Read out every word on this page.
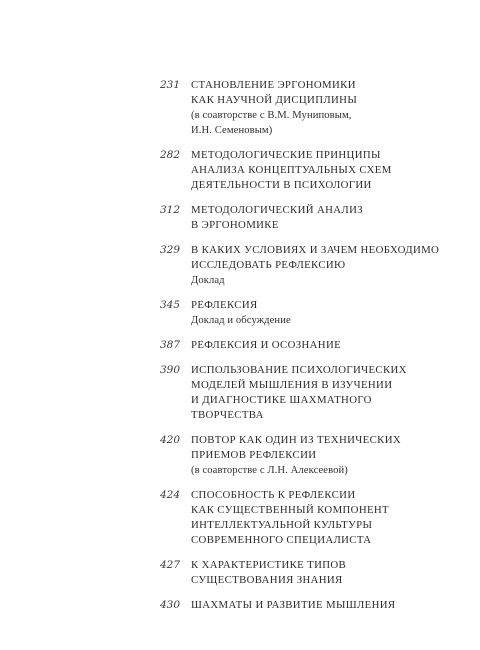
231	СТАНОВЛЕНИЕ ЭРГОНОМИКИ
КАК НАУЧНОЙ ДИСЦИПЛИНЫ
(в соавторстве с В.М. Муниповым,
И.Н. Семеновым)
282	МЕТОДОЛОГИЧЕСКИЕ ПРИНЦИПЫ
АНАЛИЗА КОНЦЕПТУАЛЬНЫХ СХЕМ
ДЕЯТЕЛЬНОСТИ В ПСИХОЛОГИИ
312	МЕТОДОЛОГИЧЕСКИЙ АНАЛИЗ
В ЭРГОНОМИКЕ
329	В КАКИХ УСЛОВИЯХ И ЗАЧЕМ НЕОБХОДИМО
ИССЛЕДОВАТЬ РЕФЛЕКСИЮ
Доклад
345	РЕФЛЕКСИЯ
Доклад и обсуждение
387	РЕФЛЕКСИЯ И ОСОЗНАНИЕ
390	ИСПОЛЬЗОВАНИЕ ПСИХОЛОГИЧЕСКИХ
МОДЕЛЕЙ МЫШЛЕНИЯ В ИЗУЧЕНИИ
И ДИАГНОСТИКЕ ШАХМАТНОГО
ТВОРЧЕСТВА
420	ПОВТОР КАК ОДИН ИЗ ТЕХНИЧЕСКИХ
ПРИЕМОВ РЕФЛЕКСИИ
(в соавторстве с Л.Н. Алексеевой)
424	СПОСОБНОСТЬ К РЕФЛЕКСИИ
КАК СУЩЕСТВЕННЫЙ КОМПОНЕНТ
ИНТЕЛЛЕКТУАЛЬНОЙ КУЛЬТУРЫ
СОВРЕМЕННОГО СПЕЦИАЛИСТА
427	К ХАРАКТЕРИСТИКЕ ТИПОВ
СУЩЕСТВОВАНИЯ ЗНАНИЯ
430	ШАХМАТЫ И РАЗВИТИЕ МЫШЛЕНИЯ
